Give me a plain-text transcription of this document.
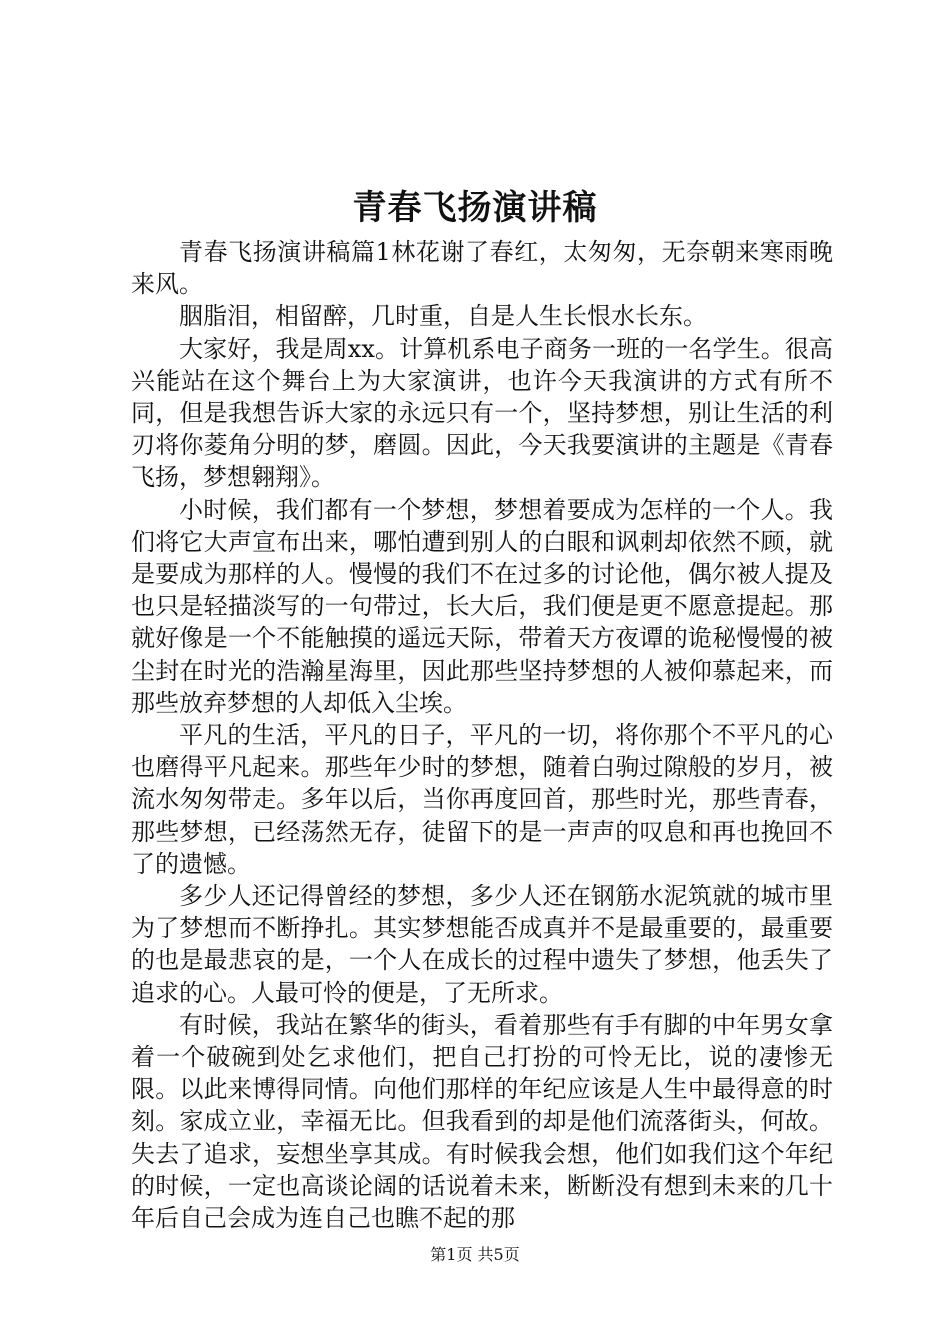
青春飞扬演讲稿

青春飞扬演讲稿篇1林花谢了春红，太匆匆，无奈朝来寒雨晚来风。

胭脂泪，相留醉，几时重，自是人生长恨水长东。

大家好，我是周xx。计算机系电子商务一班的一名学生。很高兴能站在这个舞台上为大家演讲，也许今天我演讲的方式有所不同，但是我想告诉大家的永远只有一个，坚持梦想，别让生活的利刃将你菱角分明的梦，磨圆。因此，今天我要演讲的主题是《青春飞扬，梦想翱翔》。

小时候，我们都有一个梦想，梦想着要成为怎样的一个人。我们将它大声宣布出来，哪怕遭到别人的白眼和讽刺却依然不顾，就是要成为那样的人。慢慢的我们不在过多的讨论他，偶尔被人提及也只是轻描淡写的一句带过，长大后，我们便是更不愿意提起。那就好像是一个不能触摸的遥远天际，带着天方夜谭的诡秘慢慢的被尘封在时光的浩瀚星海里，因此那些坚持梦想的人被仰慕起来，而那些放弃梦想的人却低入尘埃。

平凡的生活，平凡的日子，平凡的一切，将你那个不平凡的心也磨得平凡起来。那些年少时的梦想，随着白驹过隙般的岁月，被流水匆匆带走。多年以后，当你再度回首，那些时光，那些青春，那些梦想，已经荡然无存，徒留下的是一声声的叹息和再也挽回不了的遗憾。

多少人还记得曾经的梦想，多少人还在钢筋水泥筑就的城市里为了梦想而不断挣扎。其实梦想能否成真并不是最重要的，最重要的也是最悲哀的是，一个人在成长的过程中遗失了梦想，他丢失了追求的心。人最可怜的便是，了无所求。

有时候，我站在繁华的街头，看着那些有手有脚的中年男女拿着一个破碗到处乞求他们，把自己打扮的可怜无比，说的凄惨无限。以此来博得同情。向他们那样的年纪应该是人生中最得意的时刻。家成立业，幸福无比。但我看到的却是他们流落街头，何故。失去了追求，妄想坐享其成。有时候我会想，他们如我们这个年纪的时候，一定也高谈论阔的话说着未来，断断没有想到未来的几十年后自己会成为连自己也瞧不起的那

第1页 共5页
